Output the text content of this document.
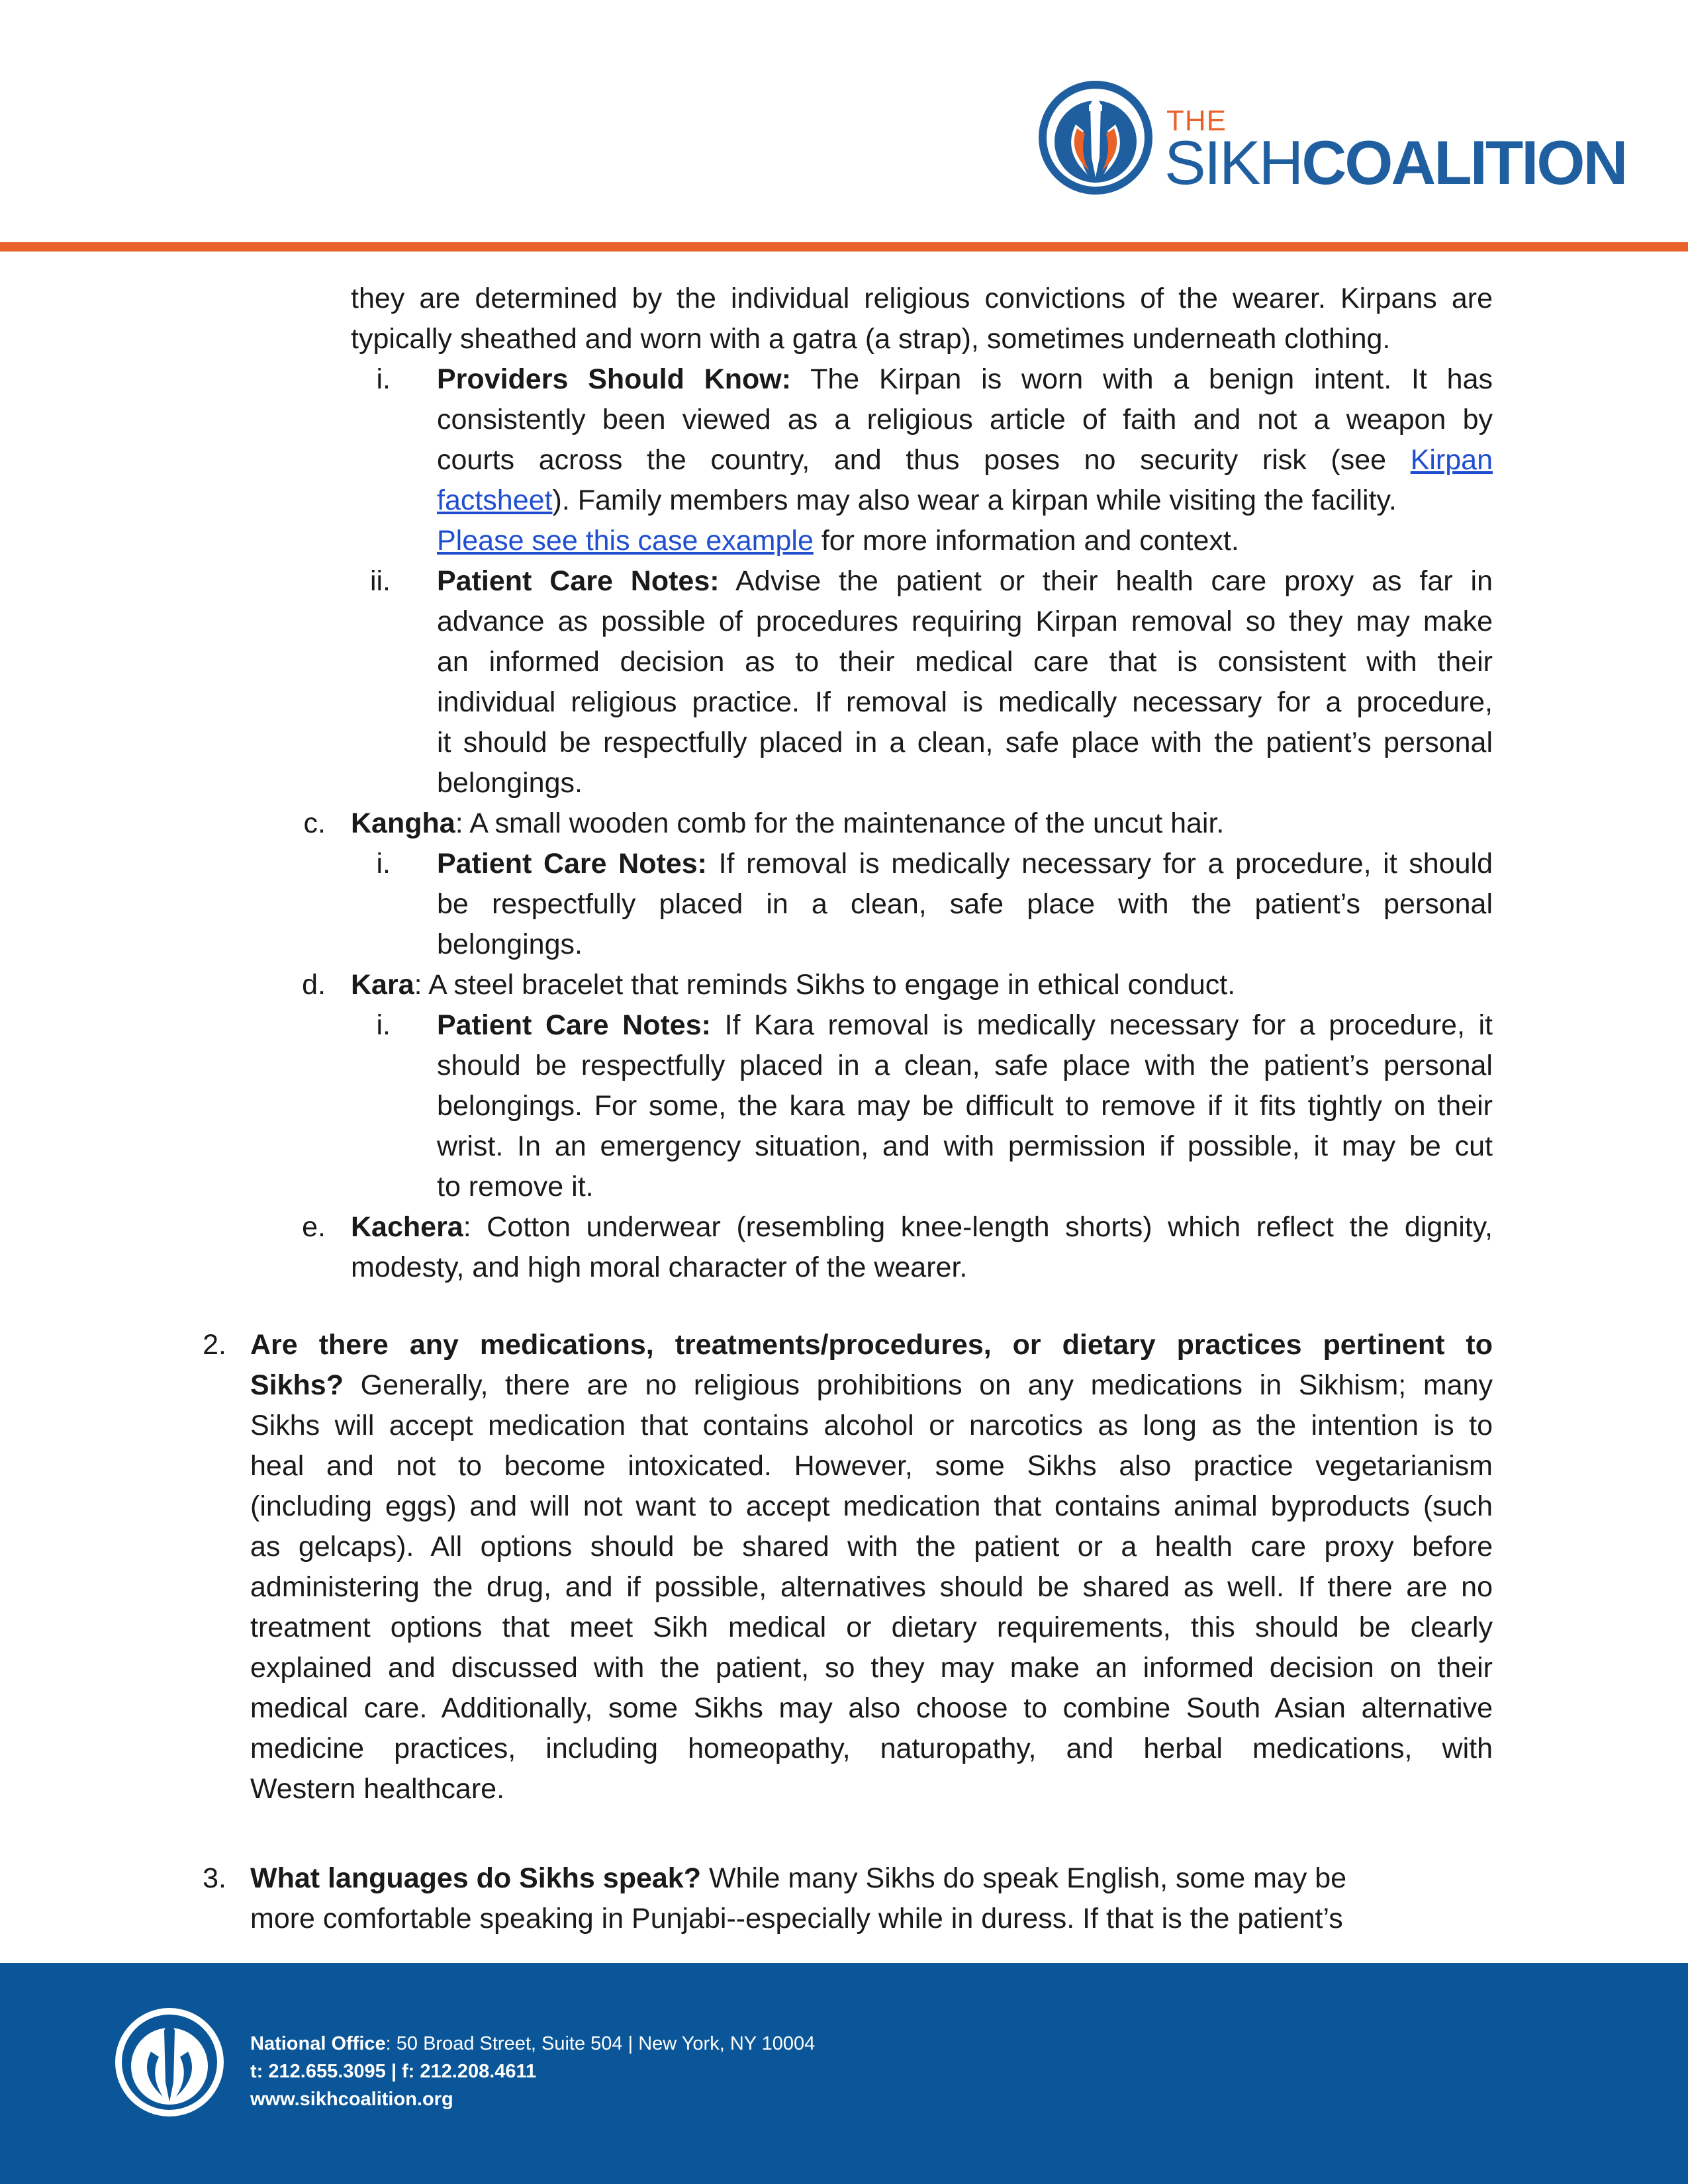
THE
SIKHCOALITION
they are determined by the individual religious convictions of the wearer. Kirpans are
typically sheathed and worn with a gatra (a strap), sometimes underneath clothing.
i. Providers Should Know: The Kirpan is worn with a benign intent. It has
consistently been viewed as a religious article of faith and not a weapon by
courts across the country, and thus poses no security risk (see Kirpan
factsheet). Family members may also wear a kirpan while visiting the facility.
Please see this case example for more information and context.
ii. Patient Care Notes: Advise the patient or their health care proxy as far in
advance as possible of procedures requiring Kirpan removal so they may make
an informed decision as to their medical care that is consistent with their
individual religious practice. If removal is medically necessary for a procedure,
it should be respectfully placed in a clean, safe place with the patient’s personal
belongings.
c. Kangha: A small wooden comb for the maintenance of the uncut hair.
i. Patient Care Notes: If removal is medically necessary for a procedure, it should
be respectfully placed in a clean, safe place with the patient’s personal
belongings.
d. Kara: A steel bracelet that reminds Sikhs to engage in ethical conduct.
i. Patient Care Notes: If Kara removal is medically necessary for a procedure, it
should be respectfully placed in a clean, safe place with the patient’s personal
belongings. For some, the kara may be difficult to remove if it fits tightly on their
wrist. In an emergency situation, and with permission if possible, it may be cut
to remove it.
e. Kachera: Cotton underwear (resembling knee-length shorts) which reflect the dignity,
modesty, and high moral character of the wearer.
2. Are there any medications, treatments/procedures, or dietary practices pertinent to
Sikhs? Generally, there are no religious prohibitions on any medications in Sikhism; many
Sikhs will accept medication that contains alcohol or narcotics as long as the intention is to
heal and not to become intoxicated. However, some Sikhs also practice vegetarianism
(including eggs) and will not want to accept medication that contains animal byproducts (such
as gelcaps). All options should be shared with the patient or a health care proxy before
administering the drug, and if possible, alternatives should be shared as well. If there are no
treatment options that meet Sikh medical or dietary requirements, this should be clearly
explained and discussed with the patient, so they may make an informed decision on their
medical care. Additionally, some Sikhs may also choose to combine South Asian alternative
medicine practices, including homeopathy, naturopathy, and herbal medications, with
Western healthcare.
3. What languages do Sikhs speak? While many Sikhs do speak English, some may be
more comfortable speaking in Punjabi--especially while in duress. If that is the patient’s
National Office: 50 Broad Street, Suite 504 | New York, NY 10004
t: 212.655.3095 | f: 212.208.4611
www.sikhcoalition.org
